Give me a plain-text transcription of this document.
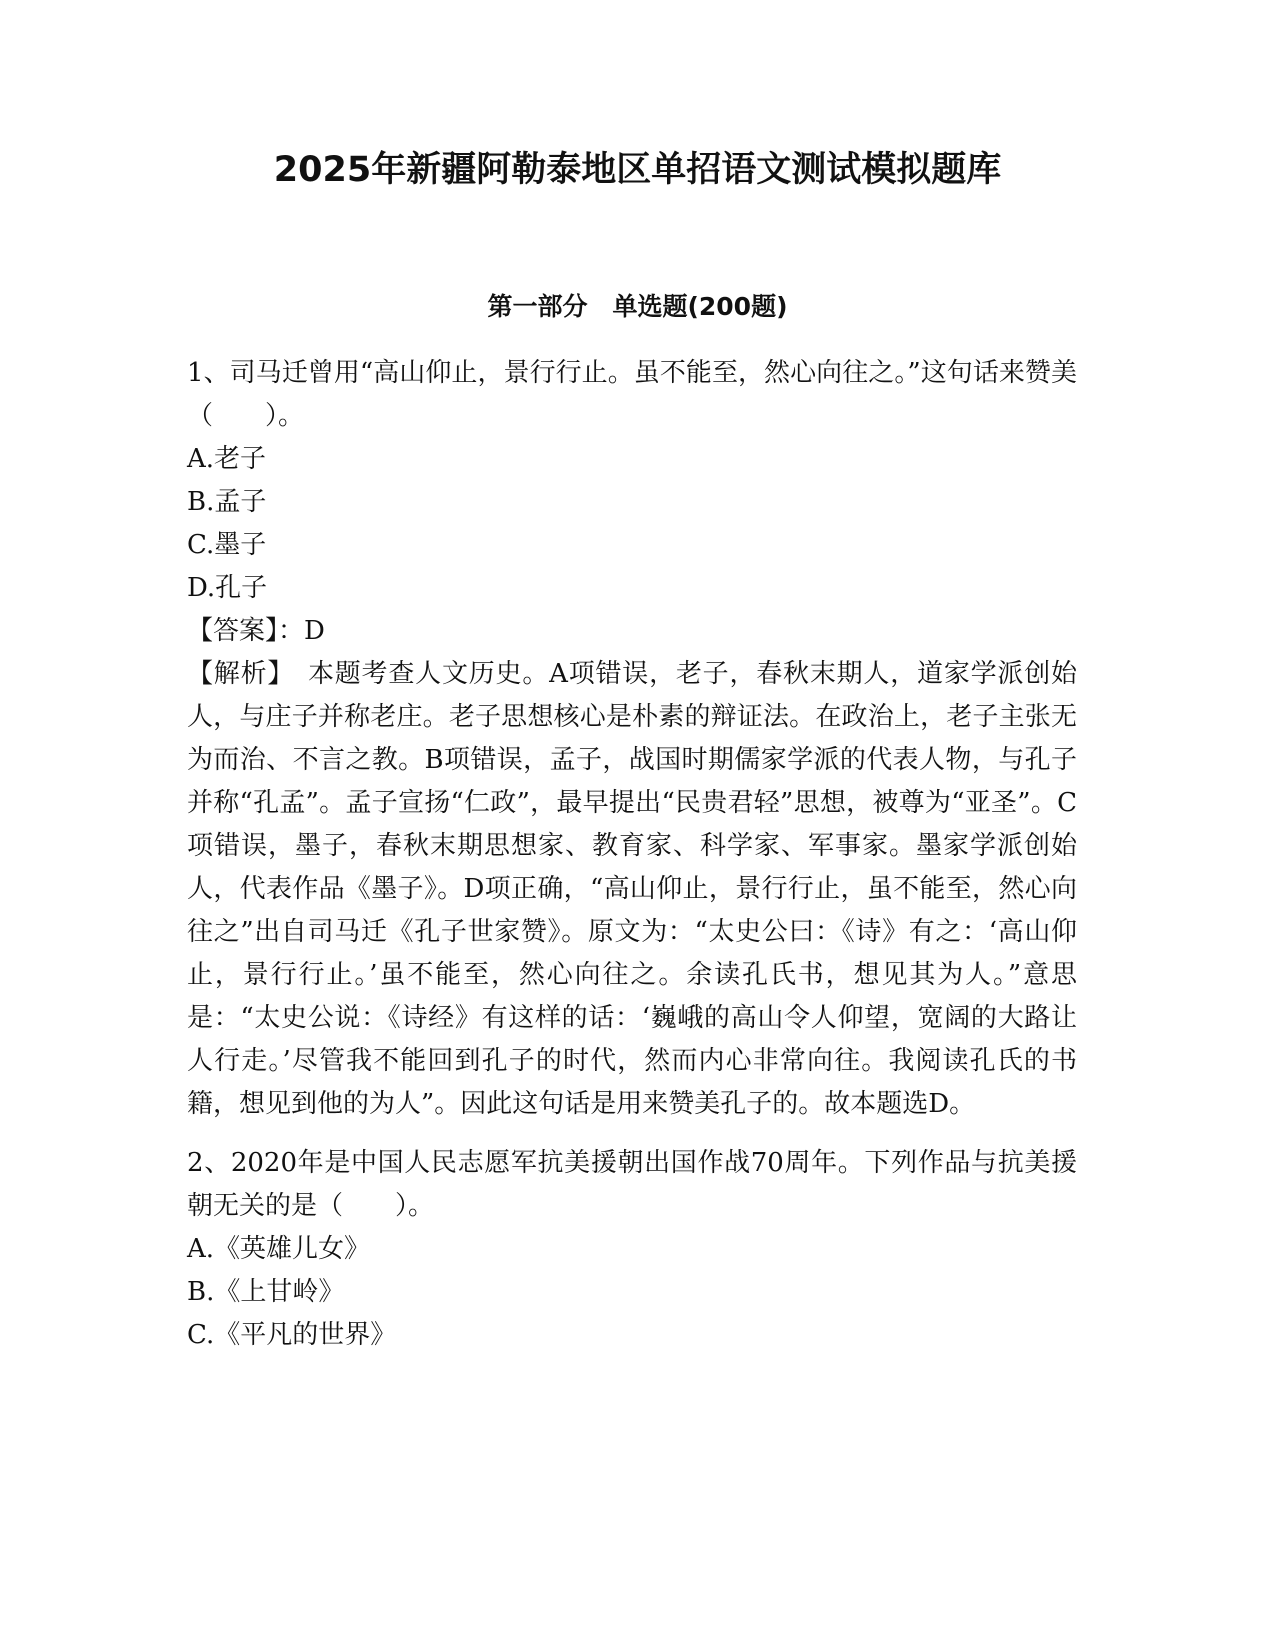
2025年新疆阿勒泰地区单招语文测试模拟题库
第一部分　单选题(200题)

1、司马迁曾用“高山仰止，景行行止。虽不能至，然心向往之。”这句话来赞美（　　）。

A.老子

B.孟子

C.墨子

D.孔子

【答案】：D

【解析】　本题考查人文历史。A项错误，老子，春秋末期人，道家学派创始人，与庄子并称老庄。老子思想核心是朴素的辩证法。在政治上，老子主张无为而治、不言之教。B项错误，孟子，战国时期儒家学派的代表人物，与孔子并称“孔孟”。孟子宣扬“仁政”，最早提出“民贵君轻”思想，被尊为“亚圣”。C项错误，墨子，春秋末期思想家、教育家、科学家、军事家。墨家学派创始人，代表作品《墨子》。D项正确，“高山仰止，景行行止，虽不能至，然心向往之”出自司马迁《孔子世家赞》。原文为：“太史公曰：《诗》有之：‘高山仰止，景行行止。’虽不能至，然心向往之。余读孔氏书，想见其为人。”意思是：“太史公说：《诗经》有这样的话：‘巍峨的高山令人仰望，宽阔的大路让人行走。’尽管我不能回到孔子的时代，然而内心非常向往。我阅读孔氏的书籍，想见到他的为人”。因此这句话是用来赞美孔子的。故本题选D。

2、2020年是中国人民志愿军抗美援朝出国作战70周年。下列作品与抗美援朝无关的是（　　）。

A.《英雄儿女》

B.《上甘岭》

C.《平凡的世界》
